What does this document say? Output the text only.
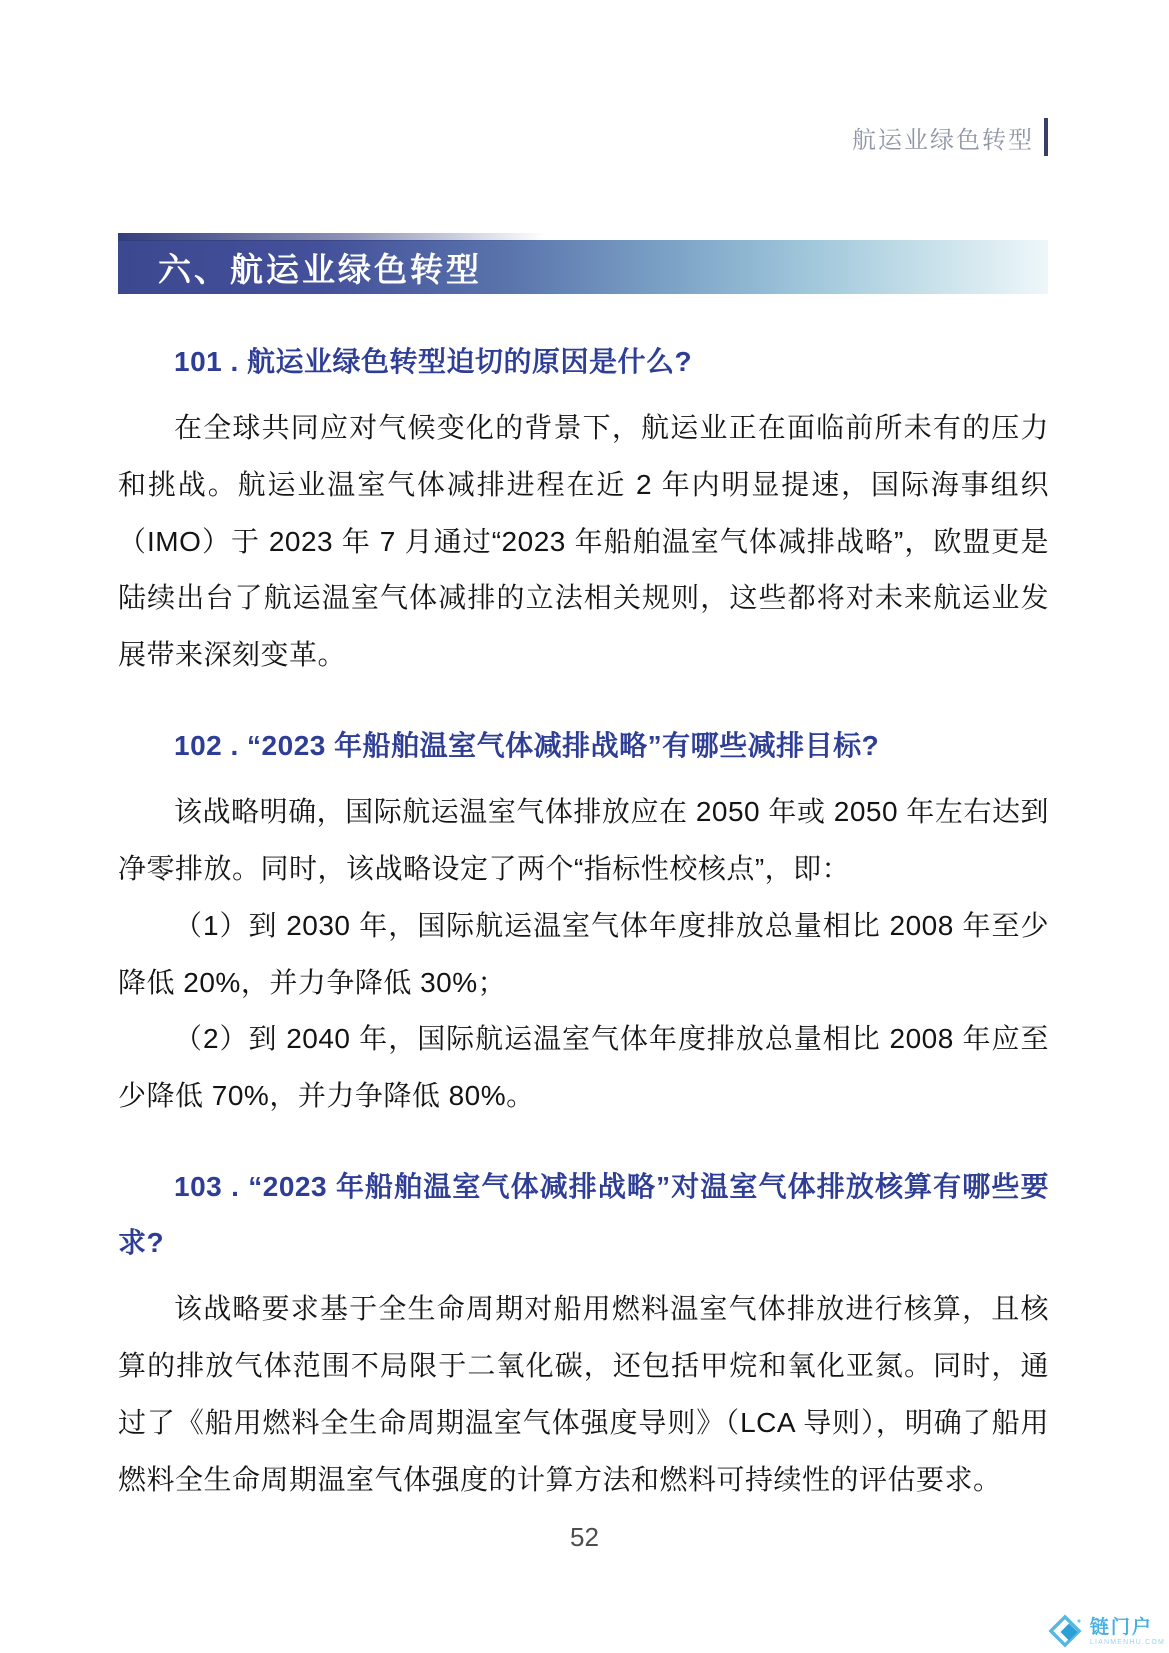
航运业绿色转型
六、航运业绿色转型
101 . 航运业绿色转型迫切的原因是什么?

在全球共同应对气候变化的背景下，航运业正在面临前所未有的压力和挑战。航运业温室气体减排进程在近 2 年内明显提速，国际海事组织（IMO）于 2023 年 7 月通过“2023 年船舶温室气体减排战略”，欧盟更是陆续出台了航运温室气体减排的立法相关规则，这些都将对未来航运业发展带来深刻变革。

102 . “2023 年船舶温室气体减排战略”有哪些减排目标?

该战略明确，国际航运温室气体排放应在 2050 年或 2050 年左右达到净零排放。同时，该战略设定了两个“指标性校核点”，即：

（1）到 2030 年，国际航运温室气体年度排放总量相比 2008 年至少降低 20%，并力争降低 30%；

（2）到 2040 年，国际航运温室气体年度排放总量相比 2008 年应至少降低 70%，并力争降低 80%。

103 . “2023 年船舶温室气体减排战略”对温室气体排放核算有哪些要求?

该战略要求基于全生命周期对船用燃料温室气体排放进行核算，且核算的排放气体范围不局限于二氧化碳，还包括甲烷和氧化亚氮。同时，通过了《船用燃料全生命周期温室气体强度导则》（LCA 导则），明确了船用燃料全生命周期温室气体强度的计算方法和燃料可持续性的评估要求。

52
链门户
LIANMENHU.COM
